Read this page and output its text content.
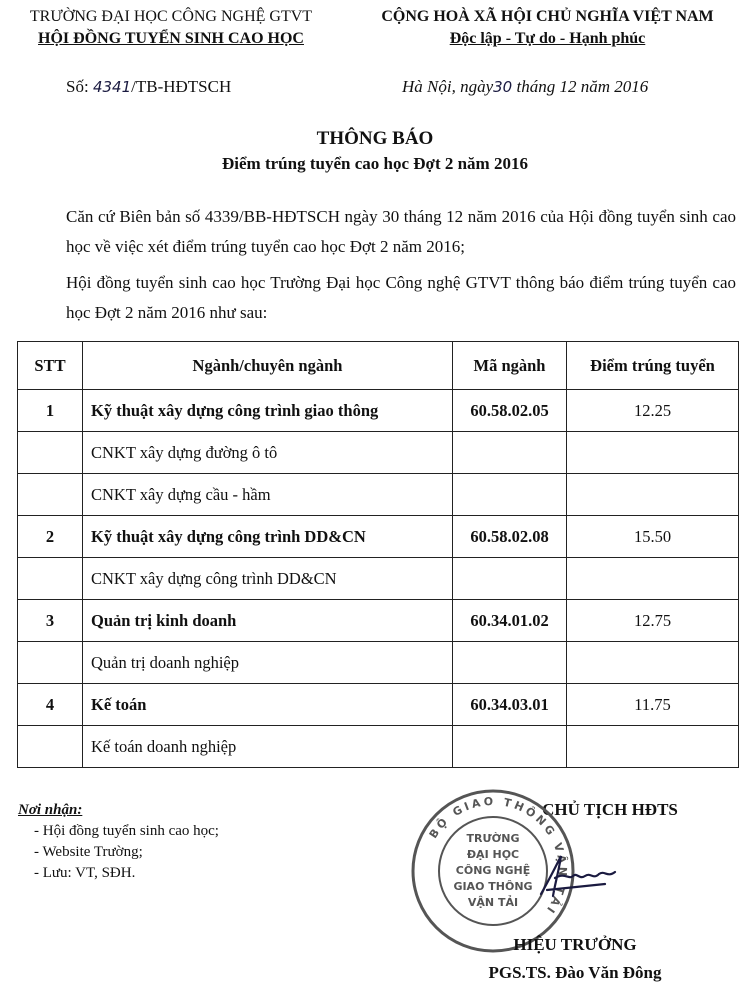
TRƯỜNG ĐẠI HỌC CÔNG NGHỆ GTVT
HỘI ĐỒNG TUYỂN SINH CAO HỌC
CỘNG HOÀ XÃ HỘI CHỦ NGHĨA VIỆT NAM
Độc lập - Tự do - Hạnh phúc
Số: 4341/TB-HĐTSCH	Hà Nội, ngày30 tháng 12 năm 2016
THÔNG BÁO
Điểm trúng tuyển cao học Đợt 2 năm 2016
Căn cứ Biên bản số 4339/BB-HĐTSCH ngày 30 tháng 12 năm 2016 của Hội đồng tuyển sinh cao học về việc xét điểm trúng tuyển cao học Đợt 2 năm 2016;
Hội đồng tuyển sinh cao học Trường Đại học Công nghệ GTVT thông báo điểm trúng tuyển cao học Đợt 2 năm 2016 như sau:
STT	Ngành/chuyên ngành	Mã ngành	Điểm trúng tuyển
1	Kỹ thuật xây dựng công trình giao thông	60.58.02.05	12.25
	CNKT xây dựng đường ô tô		
	CNKT xây dựng cầu - hầm		
2	Kỹ thuật xây dựng công trình DD&CN	60.58.02.08	15.50
	CNKT xây dựng công trình DD&CN		
3	Quản trị kinh doanh	60.34.01.02	12.75
	Quản trị doanh nghiệp		
4	Kế toán	60.34.03.01	11.75
	Kế toán doanh nghiệp		
Nơi nhận:
- Hội đồng tuyển sinh cao học;
- Website Trường;
- Lưu: VT, SĐH.
CHỦ TỊCH HĐTS
BỘ GIAO THÔNG VẬN TẢI
TRƯỜNG
ĐẠI HỌC
CÔNG NGHỆ
GIAO THÔNG
VẬN TẢI
HIỆU TRƯỞNG
PGS.TS. Đào Văn Đông
